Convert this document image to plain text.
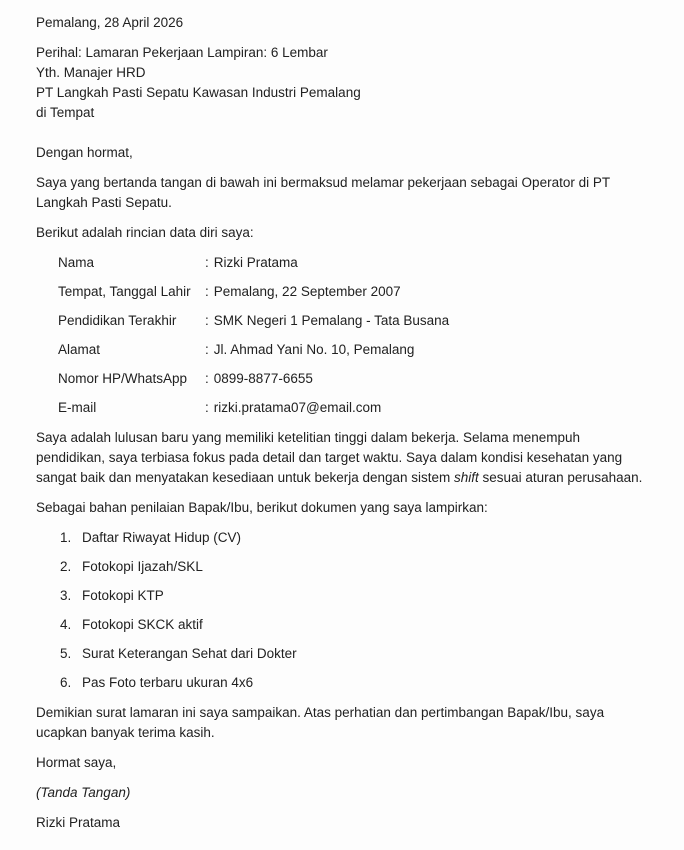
Pemalang, 28 April 2026

Perihal: Lamaran Pekerjaan Lampiran: 6 Lembar
Yth. Manajer HRD
PT Langkah Pasti Sepatu Kawasan Industri Pemalang
di Tempat

Dengan hormat,

Saya yang bertanda tangan di bawah ini bermaksud melamar pekerjaan sebagai Operator di PT Langkah Pasti Sepatu.

Berikut adalah rincian data diri saya:

Nama	: Rizki Pratama
Tempat, Tanggal Lahir	: Pemalang, 22 September 2007
Pendidikan Terakhir	: SMK Negeri 1 Pemalang - Tata Busana
Alamat	: Jl. Ahmad Yani No. 10, Pemalang
Nomor HP/WhatsApp	: 0899-8877-6655
E-mail	: rizki.pratama07@email.com

Saya adalah lulusan baru yang memiliki ketelitian tinggi dalam bekerja. Selama menempuh pendidikan, saya terbiasa fokus pada detail dan target waktu. Saya dalam kondisi kesehatan yang sangat baik dan menyatakan kesediaan untuk bekerja dengan sistem shift sesuai aturan perusahaan.

Sebagai bahan penilaian Bapak/Ibu, berikut dokumen yang saya lampirkan:

1. Daftar Riwayat Hidup (CV)
2. Fotokopi Ijazah/SKL
3. Fotokopi KTP
4. Fotokopi SKCK aktif
5. Surat Keterangan Sehat dari Dokter
6. Pas Foto terbaru ukuran 4x6

Demikian surat lamaran ini saya sampaikan. Atas perhatian dan pertimbangan Bapak/Ibu, saya ucapkan banyak terima kasih.

Hormat saya,

(Tanda Tangan)

Rizki Pratama
